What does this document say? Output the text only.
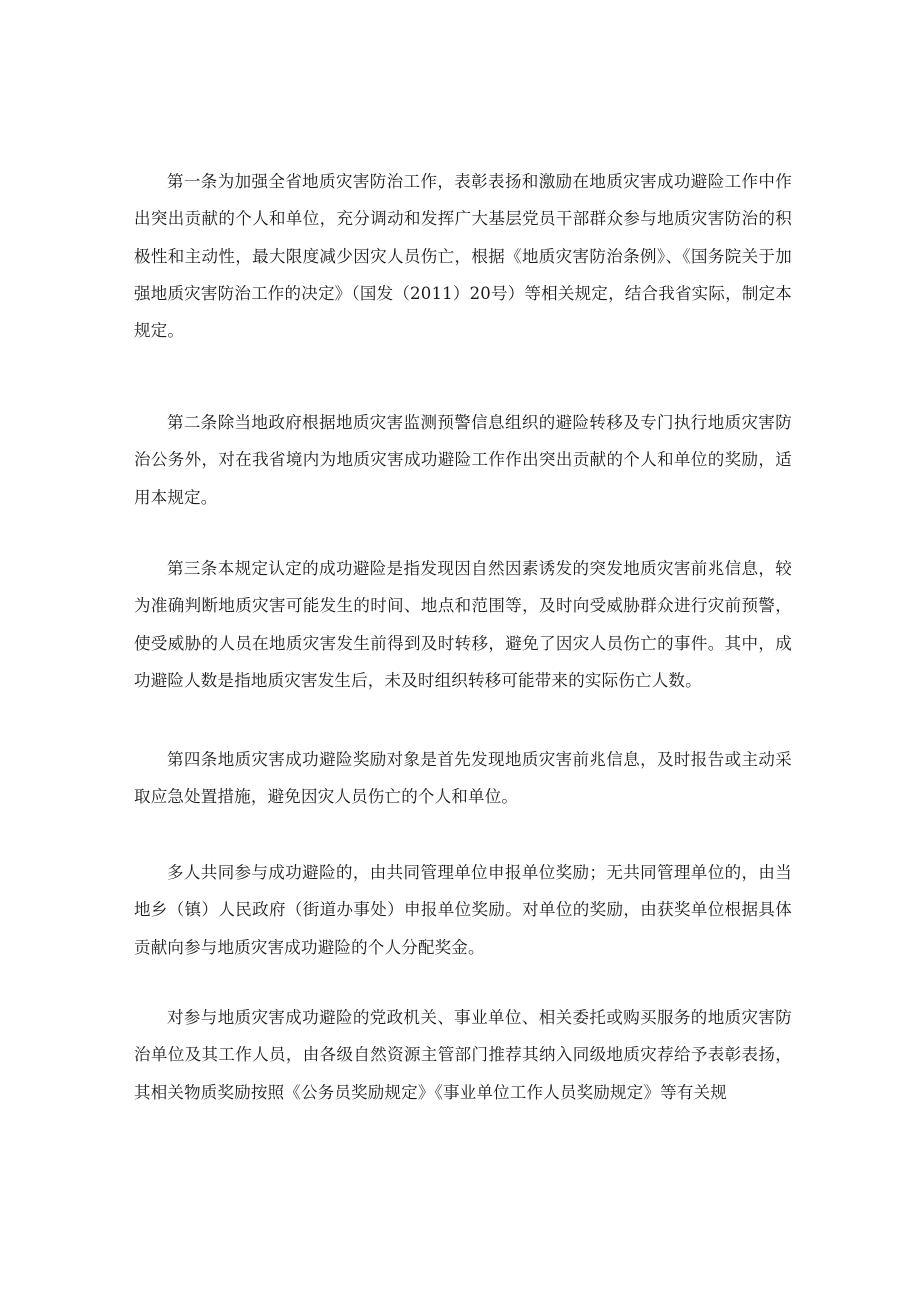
第一条为加强全省地质灾害防治工作，表彰表扬和激励在地质灾害成功避险工作中作出突出贡献的个人和单位，充分调动和发挥广大基层党员干部群众参与地质灾害防治的积极性和主动性，最大限度减少因灾人员伤亡，根据《地质灾害防治条例》、《国务院关于加强地质灾害防治工作的决定》（国发（2011）20号）等相关规定，结合我省实际，制定本规定。

第二条除当地政府根据地质灾害监测预警信息组织的避险转移及专门执行地质灾害防治公务外，对在我省境内为地质灾害成功避险工作作出突出贡献的个人和单位的奖励，适用本规定。

第三条本规定认定的成功避险是指发现因自然因素诱发的突发地质灾害前兆信息，较为准确判断地质灾害可能发生的时间、地点和范围等，及时向受威胁群众进行灾前预警，使受威胁的人员在地质灾害发生前得到及时转移，避免了因灾人员伤亡的事件。其中，成功避险人数是指地质灾害发生后，未及时组织转移可能带来的实际伤亡人数。

第四条地质灾害成功避险奖励对象是首先发现地质灾害前兆信息，及时报告或主动采取应急处置措施，避免因灾人员伤亡的个人和单位。

多人共同参与成功避险的，由共同管理单位申报单位奖励；无共同管理单位的，由当地乡（镇）人民政府（街道办事处）申报单位奖励。对单位的奖励，由获奖单位根据具体贡献向参与地质灾害成功避险的个人分配奖金。

对参与地质灾害成功避险的党政机关、事业单位、相关委托或购买服务的地质灾害防治单位及其工作人员，由各级自然资源主管部门推荐其纳入同级地质灾荐给予表彰表扬，其相关物质奖励按照《公务员奖励规定》《事业单位工作人员奖励规定》等有关规
